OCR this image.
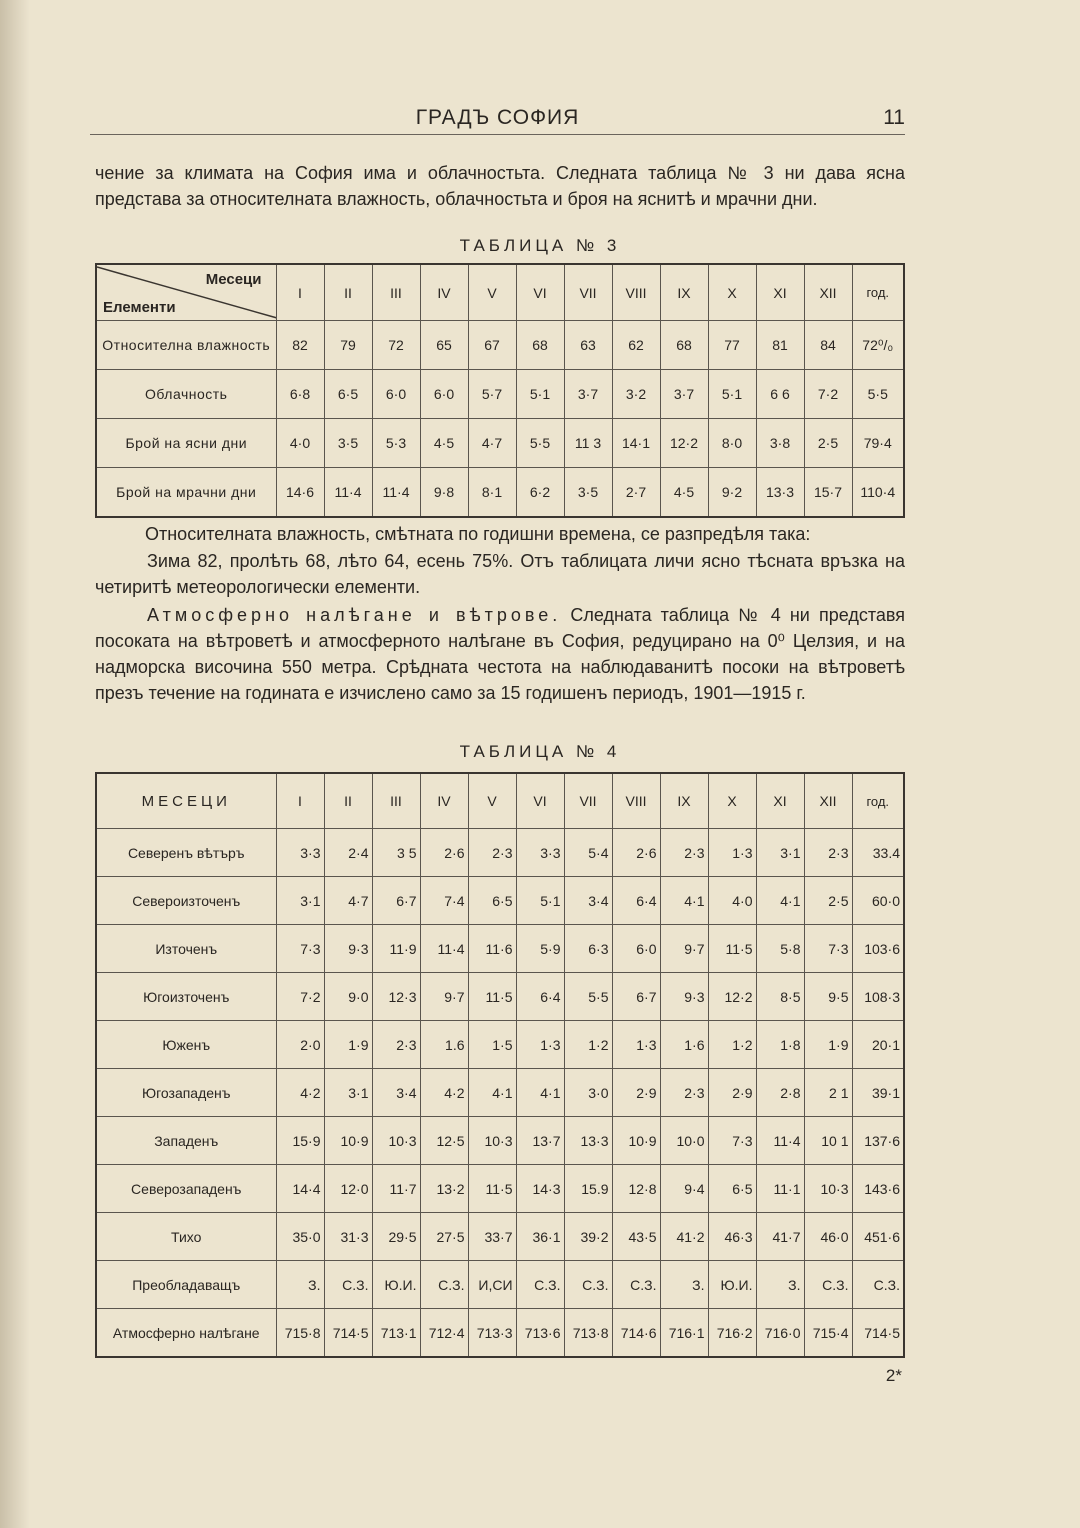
ГРАДЪ СОФИЯ	11

чение за климата на София има и облачностьта. Следната таблица № 3 ни дава ясна представа за относителната влажность, облачностьта и броя на яснитѣ и мрачни дни.

ТАБЛИЦА № 3
Месеци
Елементи	I	II	III	IV	V	VI	VII	VIII	IX	X	XI	XII	год.
Относителна влажность	82	79	72	65	67	68	63	62	68	77	81	84	72⁰/₀
Облачность	6·8	6·5	6·0	6·0	5·7	5·1	3·7	3·2	3·7	5·1	6 6	7·2	5·5
Брой на ясни дни	4·0	3·5	5·3	4·5	4·7	5·5	11 3	14·1	12·2	8·0	3·8	2·5	79·4
Брой на мрачни дни	14·6	11·4	11·4	9·8	8·1	6·2	3·5	2·7	4·5	9·2	13·3	15·7	110·4

Относителната влажность, смѣтната по годишни времена, се разпредѣля така:

Зима 82, пролѣть 68, лѣто 64, есень 75%. Отъ таблицата личи ясно тѣсната връзка на четиритѣ метеорологически елементи.

Атмосферно налѣгане и вѣтрове. Следната таблица № 4 ни представя посоката на вѣтроветѣ и атмосферното налѣгане въ София, редуцирано на 0⁰ Целзия, и на надморска височина 550 метра. Срѣдната честота на наблюдаванитѣ посоки на вѣтроветѣ презъ течение на годината е изчислено само за 15 годишенъ периодъ, 1901—1915 г.

ТАБЛИЦА № 4
МЕСЕЦИ	I	II	III	IV	V	VI	VII	VIII	IX	X	XI	XII	год.
Северенъ вѣтъръ	3·3	2·4	3 5	2·6	2·3	3·3	5·4	2·6	2·3	1·3	3·1	2·3	33.4
Североизточенъ	3·1	4·7	6·7	7·4	6·5	5·1	3·4	6·4	4·1	4·0	4·1	2·5	60·0
Източенъ	7·3	9·3	11·9	11·4	11·6	5·9	6·3	6·0	9·7	11·5	5·8	7·3	103·6
Югоизточенъ	7·2	9·0	12·3	9·7	11·5	6·4	5·5	6·7	9·3	12·2	8·5	9·5	108·3
Юженъ	2·0	1·9	2·3	1.6	1·5	1·3	1·2	1·3	1·6	1·2	1·8	1·9	20·1
Югозападенъ	4·2	3·1	3·4	4·2	4·1	4·1	3·0	2·9	2·3	2·9	2·8	2 1	39·1
Западенъ	15·9	10·9	10·3	12·5	10·3	13·7	13·3	10·9	10·0	7·3	11·4	10 1	137·6
Северозападенъ	14·4	12·0	11·7	13·2	11·5	14·3	15.9	12·8	9·4	6·5	11·1	10·3	143·6
Тихо	35·0	31·3	29·5	27·5	33·7	36·1	39·2	43·5	41·2	46·3	41·7	46·0	451·6
Преобладаващъ	З.	С.З.	Ю.И.	С.З.	И,СИ	С.З.	С.З.	С.З.	З.	Ю.И.	З.	С.З.	С.З.
Атмосферно налѣгане	715·8	714·5	713·1	712·4	713·3	713·6	713·8	714·6	716·1	716·2	716·0	715·4	714·5
2*
